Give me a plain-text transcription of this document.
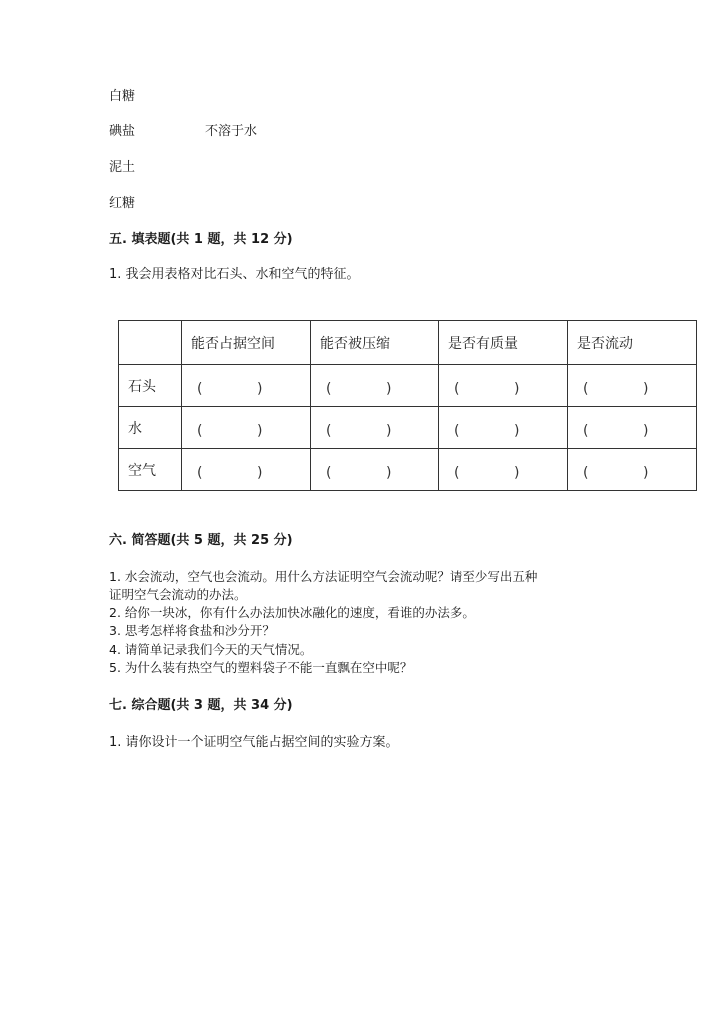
白糖
碘盐	不溶于水
泥土
红糖
五. 填表题(共 1 题，共 12 分)
1. 我会用表格对比石头、水和空气的特征。
	能否占据空间	能否被压缩	是否有质量	是否流动
石头	( )	( )	( )	( )

水	( )	( )	( )	( )

空气	( )	( )	( )	( )
六. 简答题(共 5 题，共 25 分)
1. 水会流动，空气也会流动。用什么方法证明空气会流动呢？请至少写出五种
证明空气会流动的办法。
2. 给你一块冰，你有什么办法加快冰融化的速度，看谁的办法多。
3. 思考怎样将食盐和沙分开？
4. 请简单记录我们今天的天气情况。
5. 为什么装有热空气的塑料袋子不能一直飘在空中呢？
七. 综合题(共 3 题，共 34 分)
1. 请你设计一个证明空气能占据空间的实验方案。
